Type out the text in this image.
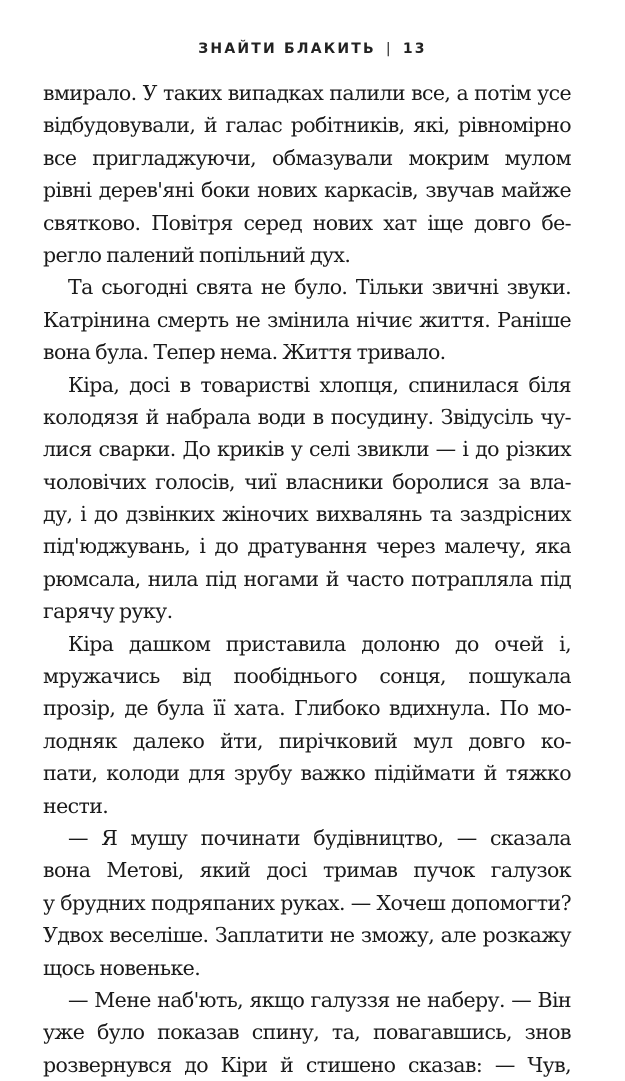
ЗНАЙТИ БЛАКИТЬ | 13
вмирало. У таких випадках палили все, а потім усе
відбудовували, й галас робітників, які, рівномірно
все пригладжуючи, обмазували мокрим мулом
рівні дерев'яні боки нових каркасів, звучав майже
святково. Повітря серед нових хат іще довго бе-
регло палений попільний дух.
Та сьогодні свята не було. Тільки звичні звуки.
Катрінина смерть не змінила нічиє життя. Раніше
вона була. Тепер нема. Життя тривало.
Кіра, досі в товаристві хлопця, спинилася біля
колодязя й набрала води в посудину. Звідусіль чу-
лися сварки. До криків у селі звикли — і до різких
чоловічих голосів, чиї власники боролися за вла-
ду, і до дзвінких жіночих вихвалянь та заздрісних
під'юджувань, і до дратування через малечу, яка
рюмсала, нила під ногами й часто потрапляла під
гарячу руку.
Кіра дашком приставила долоню до очей і,
мружачись від пообіднього сонця, пошукала
прозір, де була її хата. Глибоко вдихнула. По мо-
лодняк далеко йти, пирічковий мул довго ко-
пати, колоди для зрубу важко підіймати й тяжко
нести.
— Я мушу починати будівництво, — сказала
вона Метові, який досі тримав пучок галузок
у брудних подряпаних руках. — Хочеш допомогти?
Удвох веселіше. Заплатити не зможу, але розкажу
щось новеньке.
— Мене наб'ють, якщо галуззя не наберу. — Він
уже було показав спину, та, повагавшись, знов
розвернувся до Кіри й стишено сказав: — Чув,
